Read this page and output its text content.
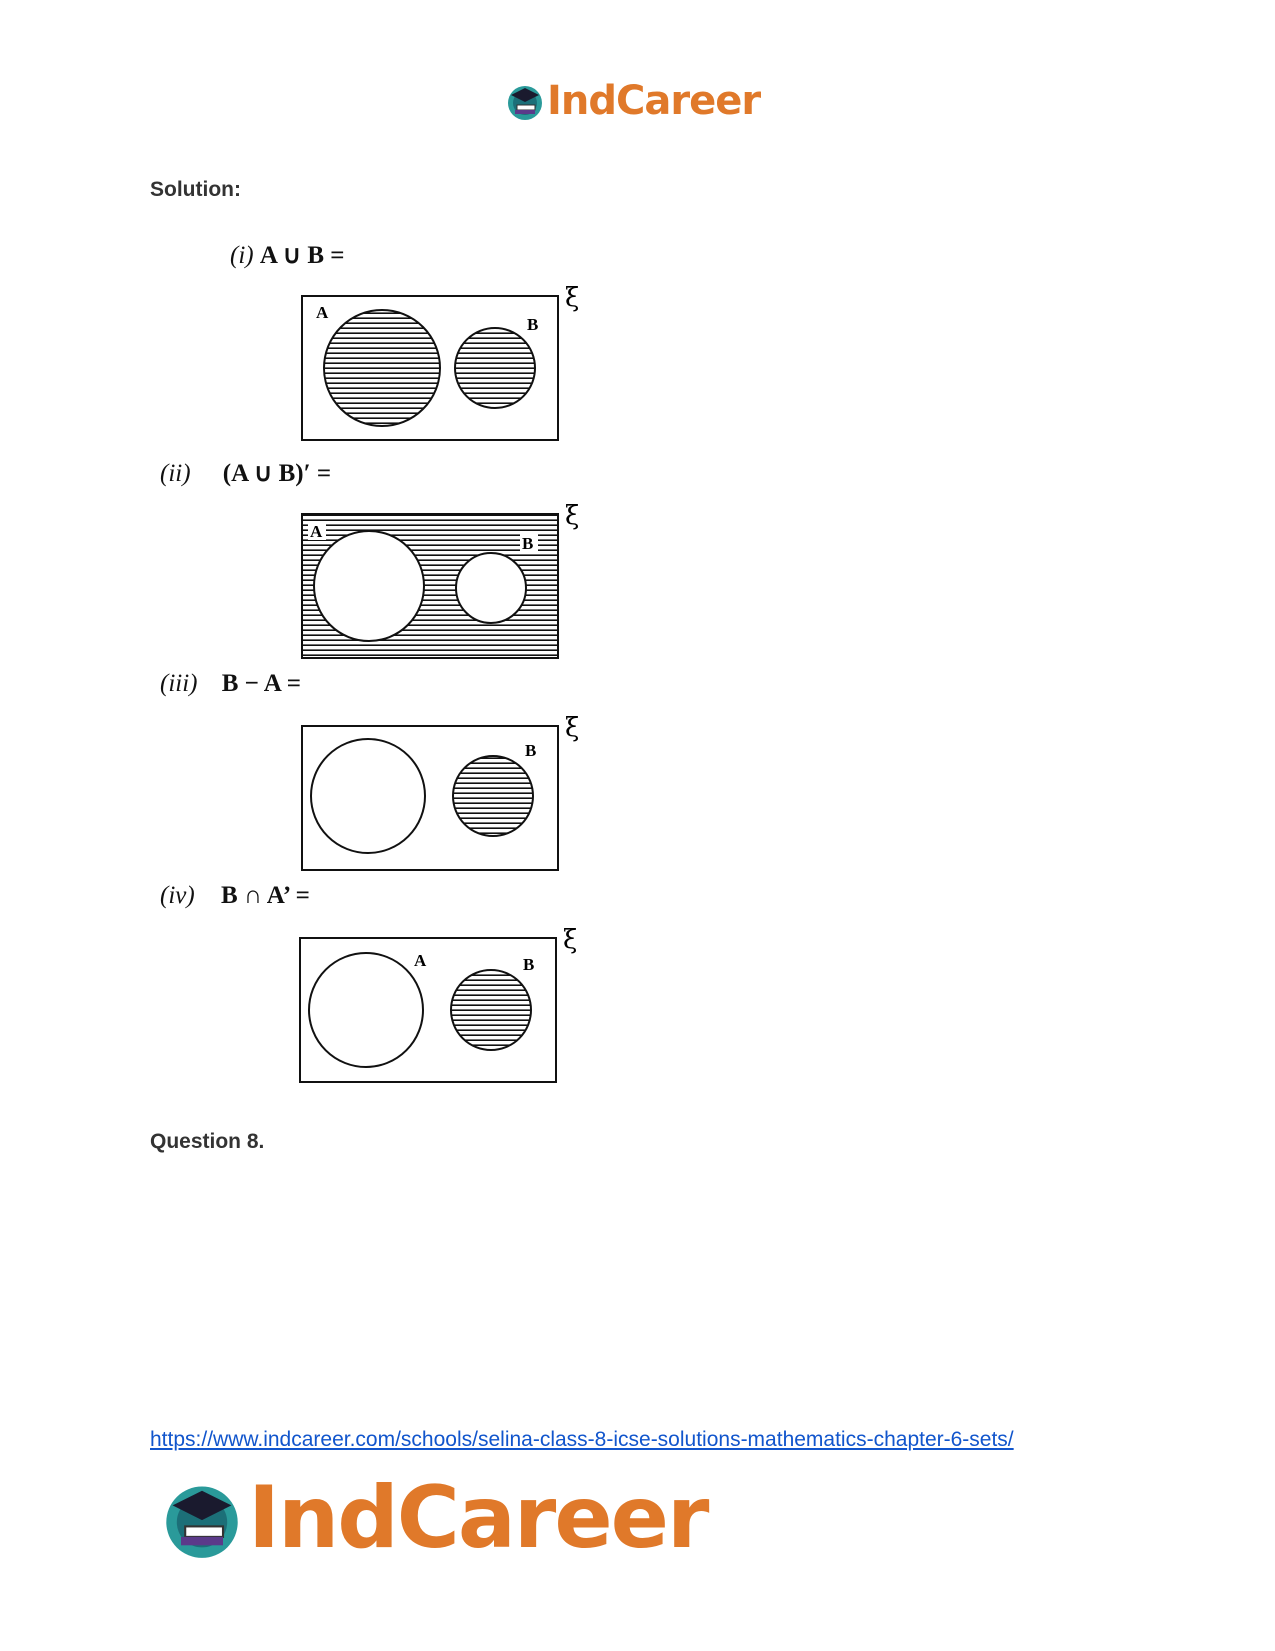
IndCareer
Solution:
(i) A ∪ B =
A
B
ξ
(ii) (A ∪ B)′ =
A
B
ξ
(iii) B − A =
B
ξ
(iv) B ∩ A’ =
A	B
ξ
Question 8.
https://www.indcareer.com/schools/selina-class-8-icse-solutions-mathematics-chapter-6-sets/
IndCareer
